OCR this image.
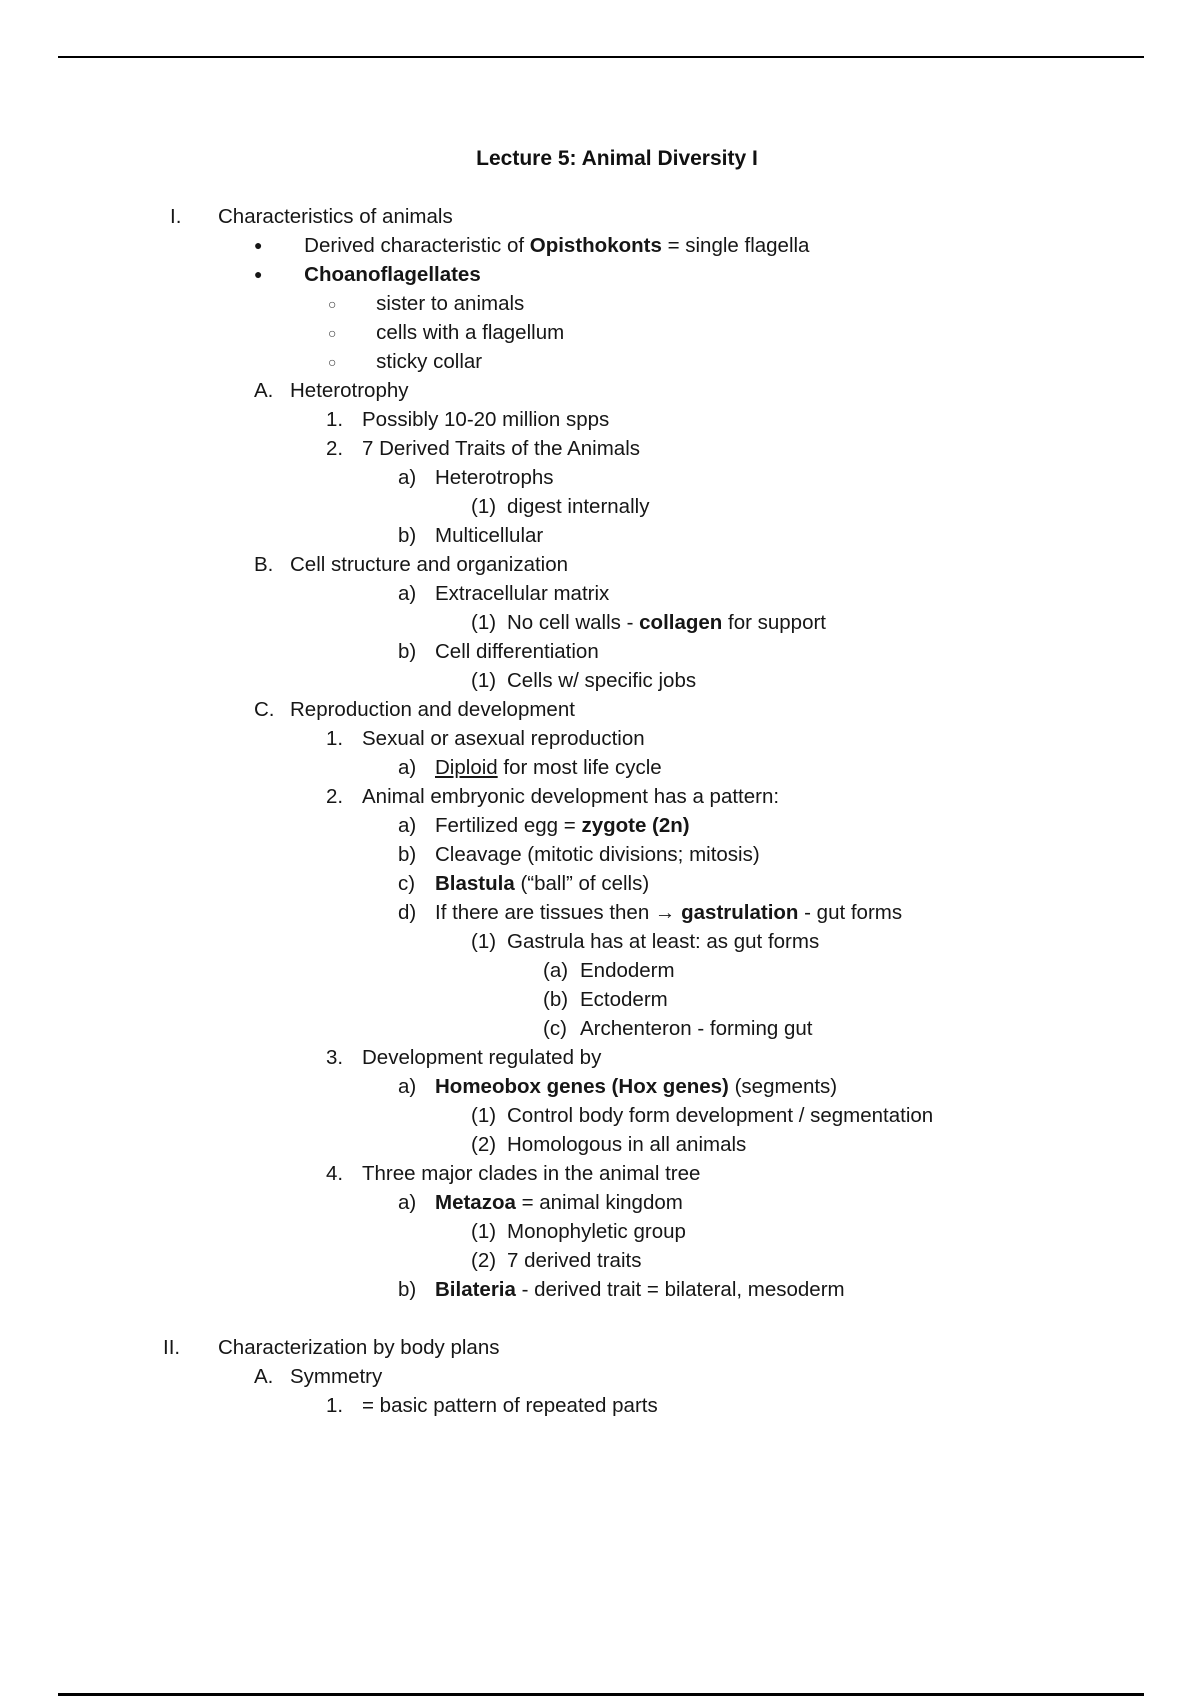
Lecture 5: Animal Diversity I
I. Characteristics of animals
● Derived characteristic of Opisthokonts = single flagella
● Choanoflagellates
○ sister to animals
○ cells with a flagellum
○ sticky collar
A. Heterotrophy
1. Possibly 10-20 million spps
2. 7 Derived Traits of the Animals
a) Heterotrophs
(1) digest internally
b) Multicellular
B. Cell structure and organization
a) Extracellular matrix
(1) No cell walls - collagen for support
b) Cell differentiation
(1) Cells w/ specific jobs
C. Reproduction and development
1. Sexual or asexual reproduction
a) Diploid for most life cycle
2. Animal embryonic development has a pattern:
a) Fertilized egg = zygote (2n)
b) Cleavage (mitotic divisions; mitosis)
c) Blastula (“ball” of cells)
d) If there are tissues then → gastrulation - gut forms
(1) Gastrula has at least: as gut forms
(a) Endoderm
(b) Ectoderm
(c) Archenteron - forming gut
3. Development regulated by
a) Homeobox genes (Hox genes) (segments)
(1) Control body form development / segmentation
(2) Homologous in all animals
4. Three major clades in the animal tree
a) Metazoa = animal kingdom
(1) Monophyletic group
(2) 7 derived traits
b) Bilateria - derived trait = bilateral, mesoderm
II. Characterization by body plans
A. Symmetry
1. = basic pattern of repeated parts
